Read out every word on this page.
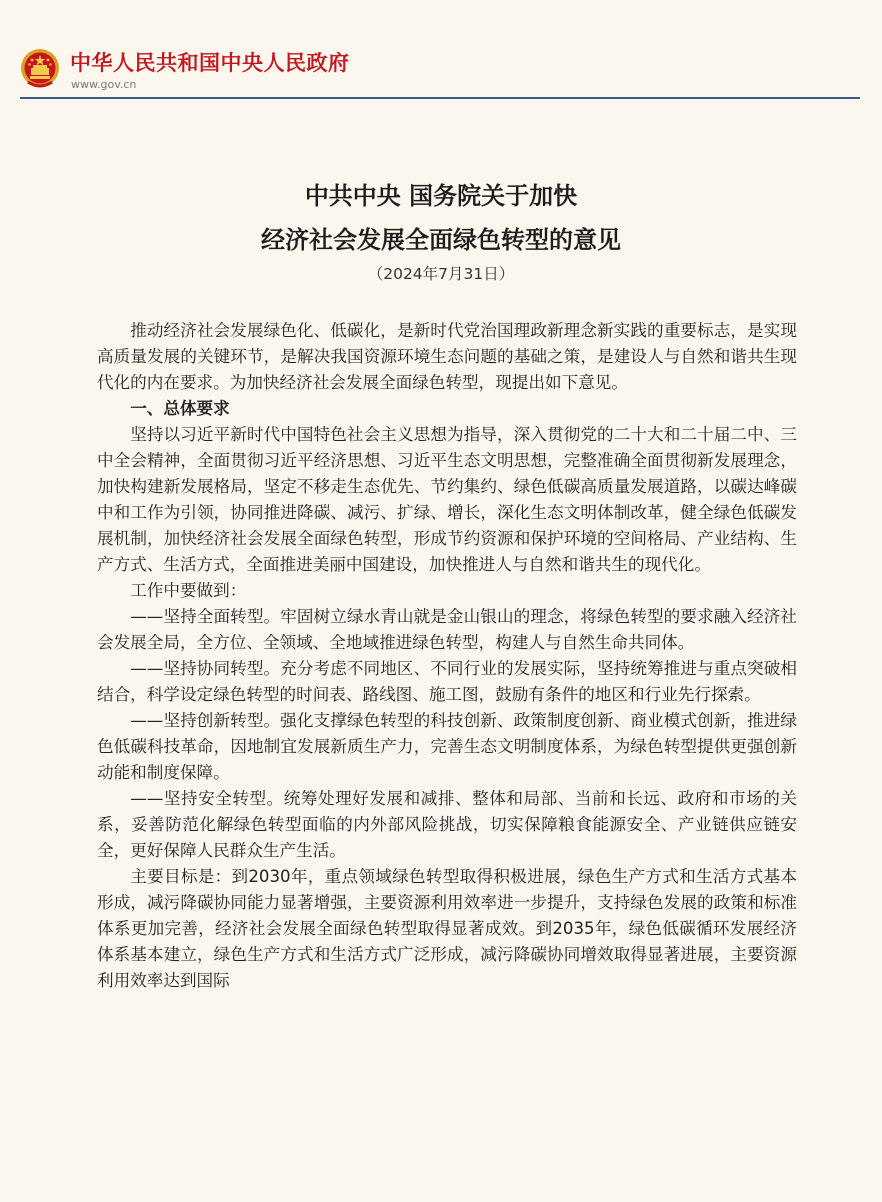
中华人民共和国中央人民政府
www.gov.cn
中共中央 国务院关于加快
经济社会发展全面绿色转型的意见
（2024年7月31日）

推动经济社会发展绿色化、低碳化，是新时代党治国理政新理念新实践的重要标志，是实现高质量发展的关键环节，是解决我国资源环境生态问题的基础之策，是建设人与自然和谐共生现代化的内在要求。为加快经济社会发展全面绿色转型，现提出如下意见。

一、总体要求

坚持以习近平新时代中国特色社会主义思想为指导，深入贯彻党的二十大和二十届二中、三中全会精神，全面贯彻习近平经济思想、习近平生态文明思想，完整准确全面贯彻新发展理念，加快构建新发展格局，坚定不移走生态优先、节约集约、绿色低碳高质量发展道路，以碳达峰碳中和工作为引领，协同推进降碳、减污、扩绿、增长，深化生态文明体制改革，健全绿色低碳发展机制，加快经济社会发展全面绿色转型，形成节约资源和保护环境的空间格局、产业结构、生产方式、生活方式，全面推进美丽中国建设，加快推进人与自然和谐共生的现代化。

工作中要做到：

——坚持全面转型。牢固树立绿水青山就是金山银山的理念，将绿色转型的要求融入经济社会发展全局，全方位、全领域、全地域推进绿色转型，构建人与自然生命共同体。

——坚持协同转型。充分考虑不同地区、不同行业的发展实际，坚持统筹推进与重点突破相结合，科学设定绿色转型的时间表、路线图、施工图，鼓励有条件的地区和行业先行探索。

——坚持创新转型。强化支撑绿色转型的科技创新、政策制度创新、商业模式创新，推进绿色低碳科技革命，因地制宜发展新质生产力，完善生态文明制度体系，为绿色转型提供更强创新动能和制度保障。

——坚持安全转型。统筹处理好发展和减排、整体和局部、当前和长远、政府和市场的关系，妥善防范化解绿色转型面临的内外部风险挑战，切实保障粮食能源安全、产业链供应链安全，更好保障人民群众生产生活。

主要目标是：到2030年，重点领域绿色转型取得积极进展，绿色生产方式和生活方式基本形成，减污降碳协同能力显著增强，主要资源利用效率进一步提升，支持绿色发展的政策和标准体系更加完善，经济社会发展全面绿色转型取得显著成效。到2035年，绿色低碳循环发展经济体系基本建立，绿色生产方式和生活方式广泛形成，减污降碳协同增效取得显著进展，主要资源利用效率达到国际
